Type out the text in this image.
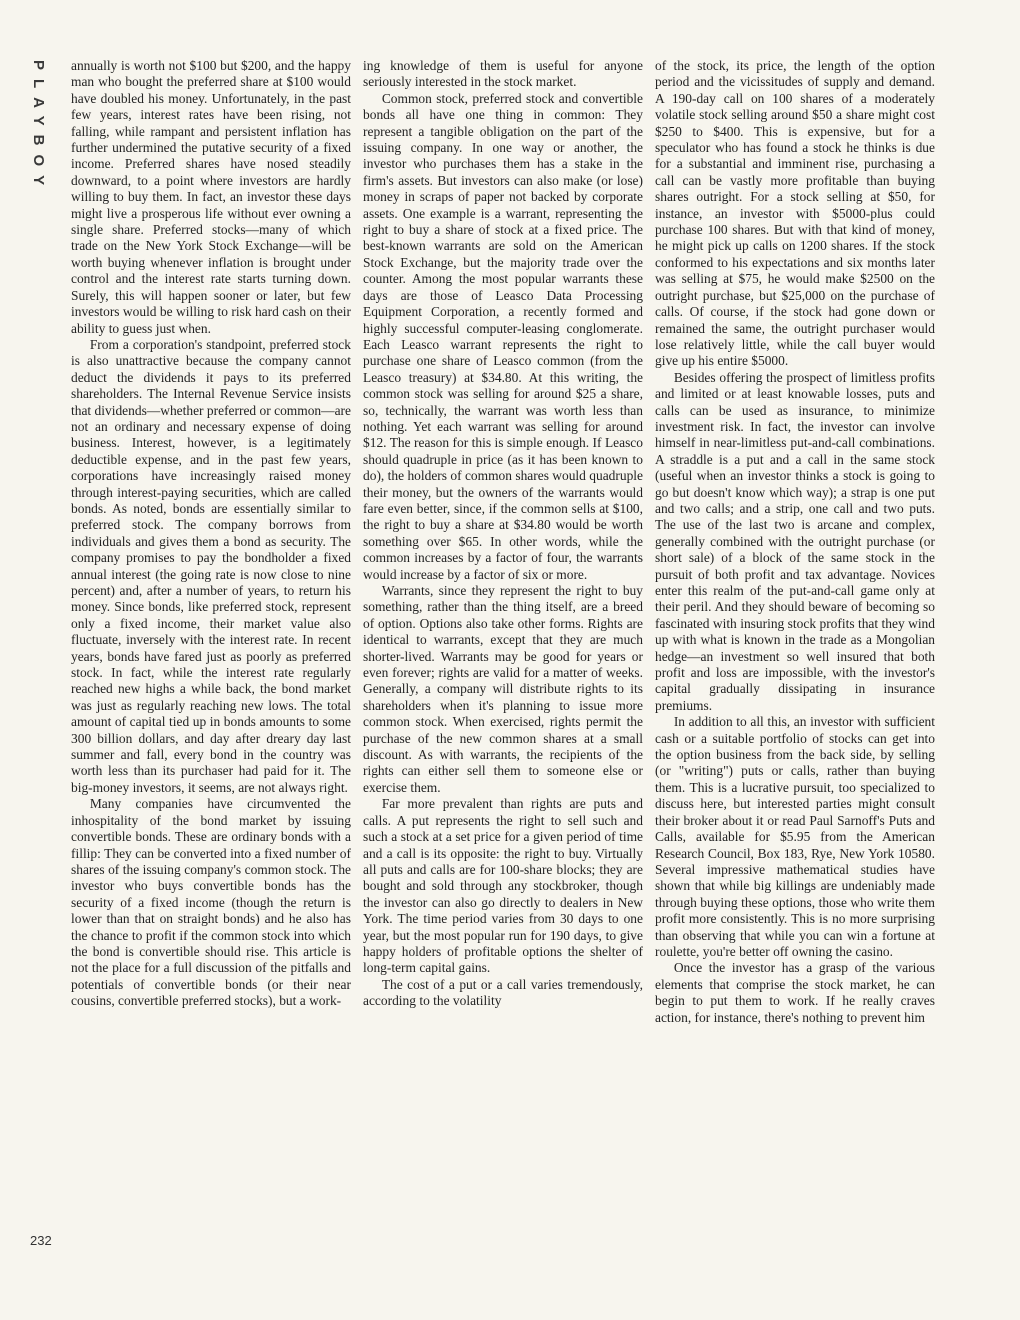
PLAYBOY
232

annually is worth not $100 but $200, and the happy man who bought the preferred share at $100 would have doubled his money. Unfortunately, in the past few years, interest rates have been rising, not falling, while rampant and persistent inflation has further undermined the putative security of a fixed income. Preferred shares have nosed steadily downward, to a point where investors are hardly willing to buy them. In fact, an investor these days might live a prosperous life without ever owning a single share. Preferred stocks—many of which trade on the New York Stock Exchange—will be worth buying whenever inflation is brought under control and the interest rate starts turning down. Surely, this will happen sooner or later, but few investors would be willing to risk hard cash on their ability to guess just when.

From a corporation's standpoint, preferred stock is also unattractive because the company cannot deduct the dividends it pays to its preferred shareholders. The Internal Revenue Service insists that dividends—whether preferred or common—are not an ordinary and necessary expense of doing business. Interest, however, is a legitimately deductible expense, and in the past few years, corporations have increasingly raised money through interest-paying securities, which are called bonds. As noted, bonds are essentially similar to preferred stock. The company borrows from individuals and gives them a bond as security. The company promises to pay the bondholder a fixed annual interest (the going rate is now close to nine percent) and, after a number of years, to return his money. Since bonds, like preferred stock, represent only a fixed income, their market value also fluctuate, inversely with the interest rate. In recent years, bonds have fared just as poorly as preferred stock. In fact, while the interest rate regularly reached new highs a while back, the bond market was just as regularly reaching new lows. The total amount of capital tied up in bonds amounts to some 300 billion dollars, and day after dreary day last summer and fall, every bond in the country was worth less than its purchaser had paid for it. The big-money investors, it seems, are not always right.

Many companies have circumvented the inhospitality of the bond market by issuing convertible bonds. These are ordinary bonds with a fillip: They can be converted into a fixed number of shares of the issuing company's common stock. The investor who buys convertible bonds has the security of a fixed income (though the return is lower than that on straight bonds) and he also has the chance to profit if the common stock into which the bond is convertible should rise. This article is not the place for a full discussion of the pitfalls and potentials of convertible bonds (or their near cousins, convertible preferred stocks), but a work-

ing knowledge of them is useful for anyone seriously interested in the stock market.

Common stock, preferred stock and convertible bonds all have one thing in common: They represent a tangible obligation on the part of the issuing company. In one way or another, the investor who purchases them has a stake in the firm's assets. But investors can also make (or lose) money in scraps of paper not backed by corporate assets. One example is a warrant, representing the right to buy a share of stock at a fixed price. The best-known warrants are sold on the American Stock Exchange, but the majority trade over the counter. Among the most popular warrants these days are those of Leasco Data Processing Equipment Corporation, a recently formed and highly successful computer-leasing conglomerate. Each Leasco warrant represents the right to purchase one share of Leasco common (from the Leasco treasury) at $34.80. At this writing, the common stock was selling for around $25 a share, so, technically, the warrant was worth less than nothing. Yet each warrant was selling for around $12. The reason for this is simple enough. If Leasco should quadruple in price (as it has been known to do), the holders of common shares would quadruple their money, but the owners of the warrants would fare even better, since, if the common sells at $100, the right to buy a share at $34.80 would be worth something over $65. In other words, while the common increases by a factor of four, the warrants would increase by a factor of six or more.

Warrants, since they represent the right to buy something, rather than the thing itself, are a breed of option. Options also take other forms. Rights are identical to warrants, except that they are much shorter-lived. Warrants may be good for years or even forever; rights are valid for a matter of weeks. Generally, a company will distribute rights to its shareholders when it's planning to issue more common stock. When exercised, rights permit the purchase of the new common shares at a small discount. As with warrants, the recipients of the rights can either sell them to someone else or exercise them.

Far more prevalent than rights are puts and calls. A put represents the right to sell such and such a stock at a set price for a given period of time and a call is its opposite: the right to buy. Virtually all puts and calls are for 100-share blocks; they are bought and sold through any stockbroker, though the investor can also go directly to dealers in New York. The time period varies from 30 days to one year, but the most popular run for 190 days, to give happy holders of profitable options the shelter of long-term capital gains.

The cost of a put or a call varies tremendously, according to the volatility

of the stock, its price, the length of the option period and the vicissitudes of supply and demand. A 190-day call on 100 shares of a moderately volatile stock selling around $50 a share might cost $250 to $400. This is expensive, but for a speculator who has found a stock he thinks is due for a substantial and imminent rise, purchasing a call can be vastly more profitable than buying shares outright. For a stock selling at $50, for instance, an investor with $5000-plus could purchase 100 shares. But with that kind of money, he might pick up calls on 1200 shares. If the stock conformed to his expectations and six months later was selling at $75, he would make $2500 on the outright purchase, but $25,000 on the purchase of calls. Of course, if the stock had gone down or remained the same, the outright purchaser would lose relatively little, while the call buyer would give up his entire $5000.

Besides offering the prospect of limitless profits and limited or at least knowable losses, puts and calls can be used as insurance, to minimize investment risk. In fact, the investor can involve himself in near-limitless put-and-call combinations. A straddle is a put and a call in the same stock (useful when an investor thinks a stock is going to go but doesn't know which way); a strap is one put and two calls; and a strip, one call and two puts. The use of the last two is arcane and complex, generally combined with the outright purchase (or short sale) of a block of the same stock in the pursuit of both profit and tax advantage. Novices enter this realm of the put-and-call game only at their peril. And they should beware of becoming so fascinated with insuring stock profits that they wind up with what is known in the trade as a Mongolian hedge—an investment so well insured that both profit and loss are impossible, with the investor's capital gradually dissipating in insurance premiums.

In addition to all this, an investor with sufficient cash or a suitable portfolio of stocks can get into the option business from the back side, by selling (or "writing") puts or calls, rather than buying them. This is a lucrative pursuit, too specialized to discuss here, but interested parties might consult their broker about it or read Paul Sarnoff's Puts and Calls, available for $5.95 from the American Research Council, Box 183, Rye, New York 10580. Several impressive mathematical studies have shown that while big killings are undeniably made through buying these options, those who write them profit more consistently. This is no more surprising than observing that while you can win a fortune at roulette, you're better off owning the casino.

Once the investor has a grasp of the various elements that comprise the stock market, he can begin to put them to work. If he really craves action, for instance, there's nothing to prevent him
